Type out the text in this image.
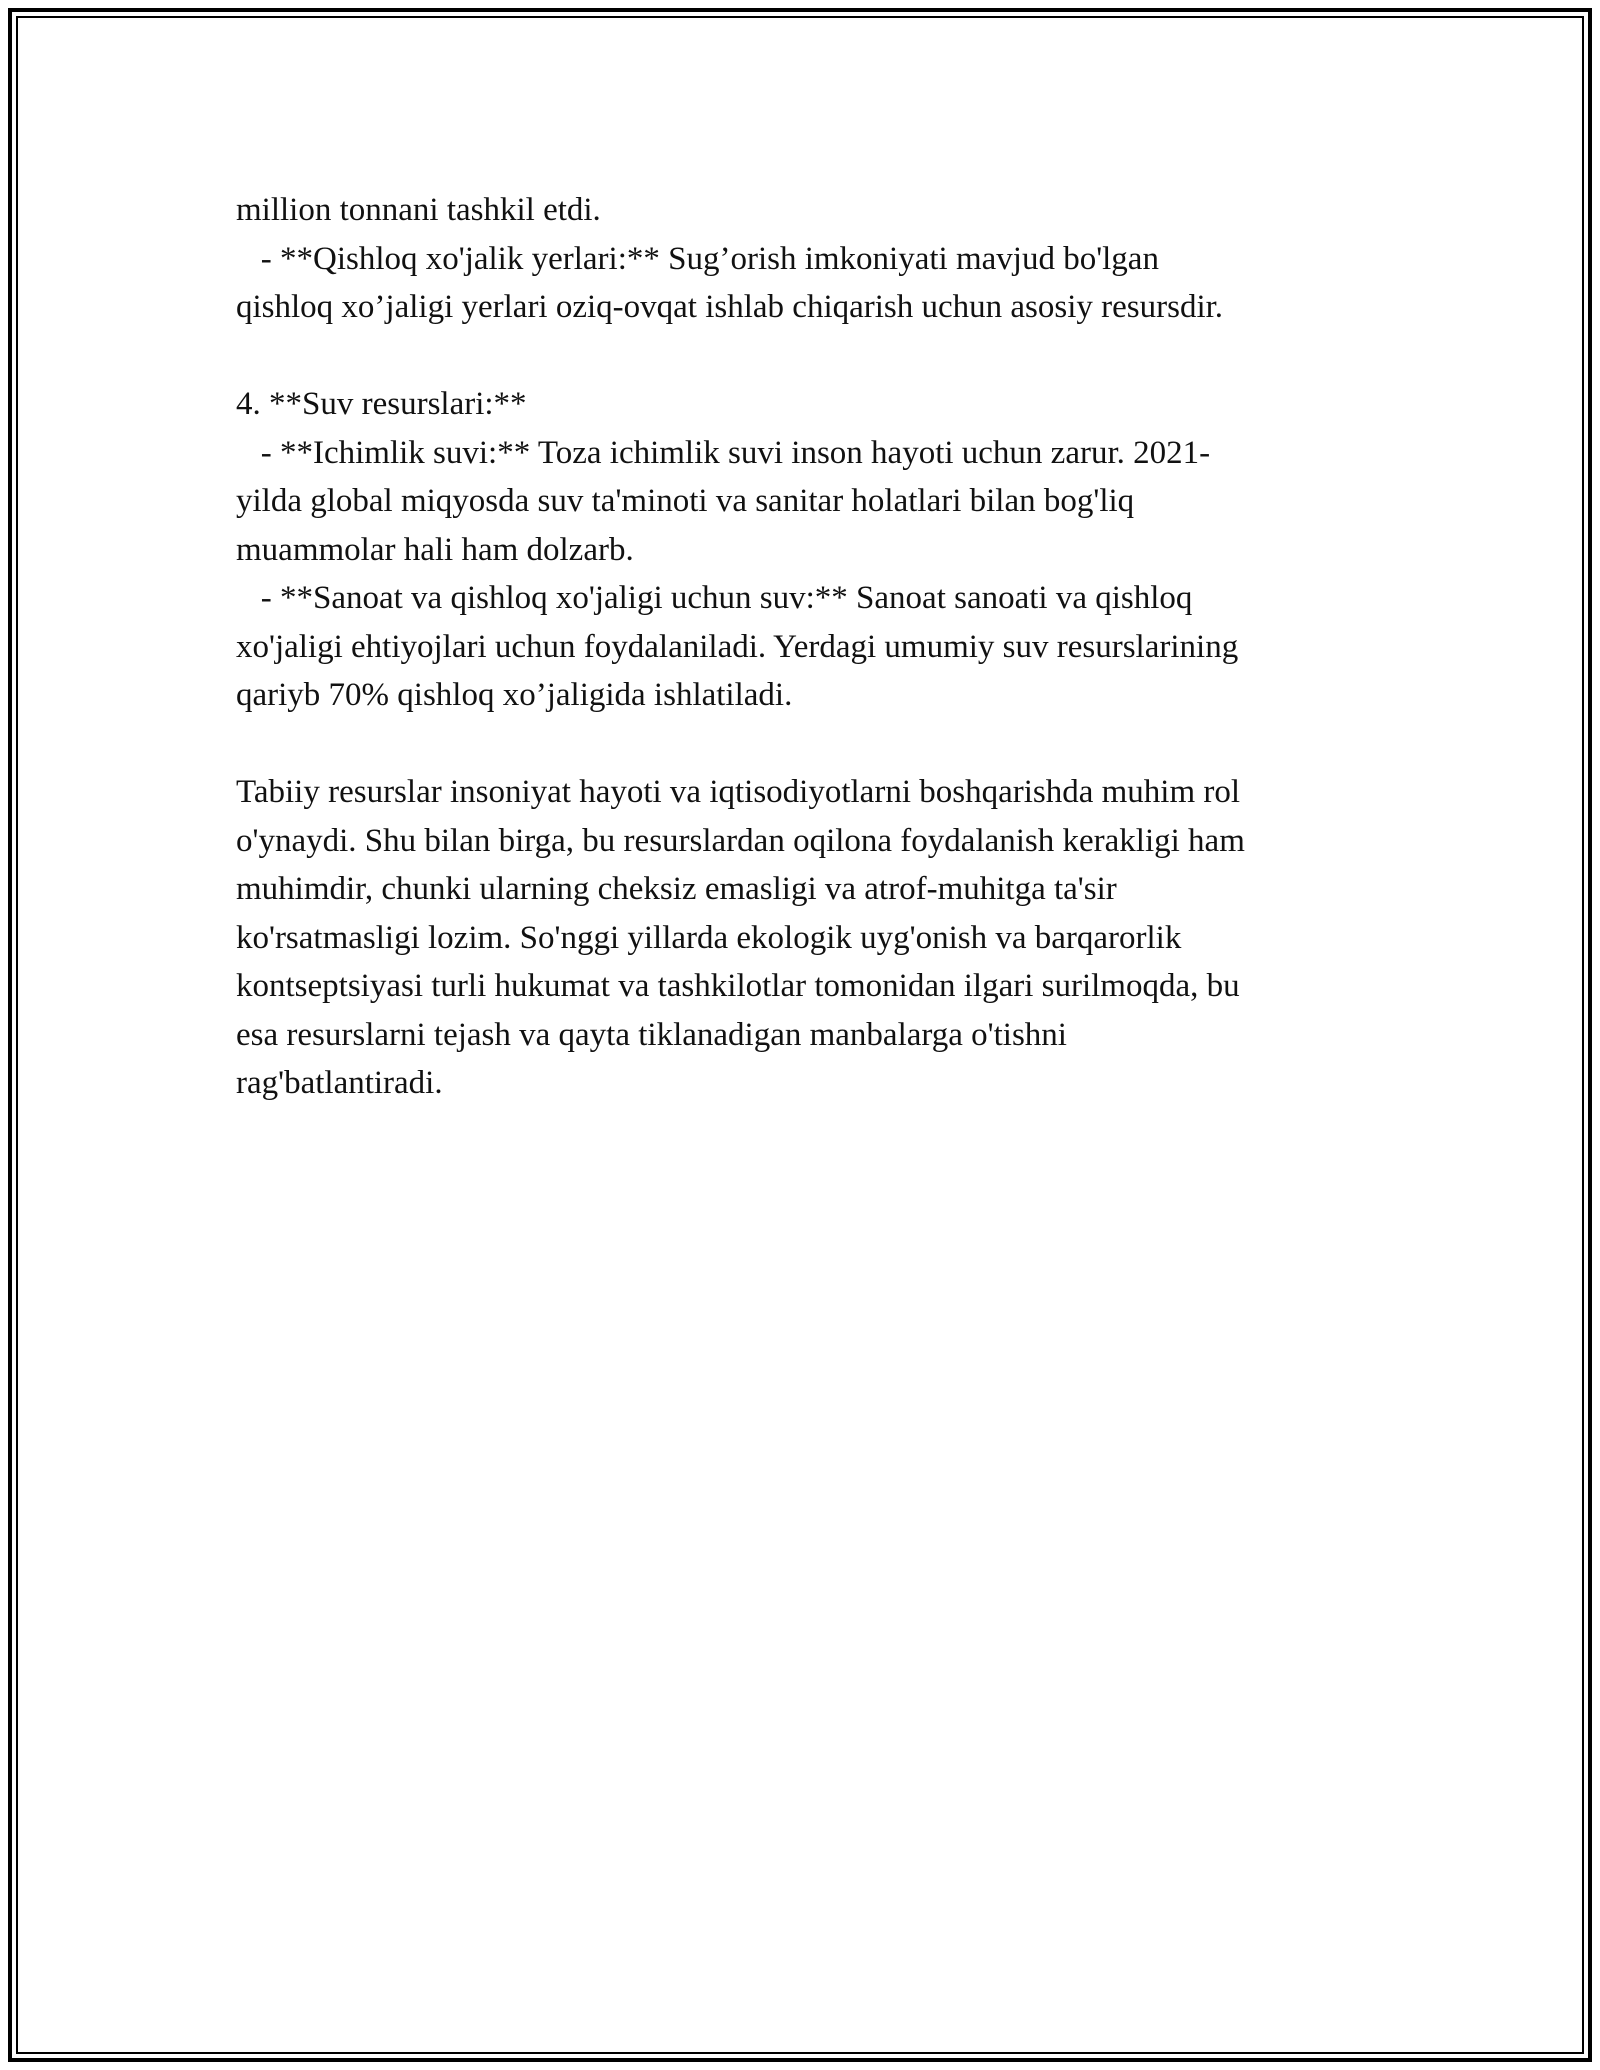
million tonnani tashkil etdi.
- **Qishloq xo'jalik yerlari:** Sug’orish imkoniyati mavjud bo'lgan
qishloq xo’jaligi yerlari oziq-ovqat ishlab chiqarish uchun asosiy resursdir.
4. **Suv resurslari:**
- **Ichimlik suvi:** Toza ichimlik suvi inson hayoti uchun zarur. 2021-
yilda global miqyosda suv ta'minoti va sanitar holatlari bilan bog'liq
muammolar hali ham dolzarb.
- **Sanoat va qishloq xo'jaligi uchun suv:** Sanoat sanoati va qishloq
xo'jaligi ehtiyojlari uchun foydalaniladi. Yerdagi umumiy suv resurslarining
qariyb 70% qishloq xo’jaligida ishlatiladi.
Tabiiy resurslar insoniyat hayoti va iqtisodiyotlarni boshqarishda muhim rol
o'ynaydi. Shu bilan birga, bu resurslardan oqilona foydalanish kerakligi ham
muhimdir, chunki ularning cheksiz emasligi va atrof-muhitga ta'sir
ko'rsatmasligi lozim. So'nggi yillarda ekologik uyg'onish va barqarorlik
kontseptsiyasi turli hukumat va tashkilotlar tomonidan ilgari surilmoqda, bu
esa resurslarni tejash va qayta tiklanadigan manbalarga o'tishni
rag'batlantiradi.
